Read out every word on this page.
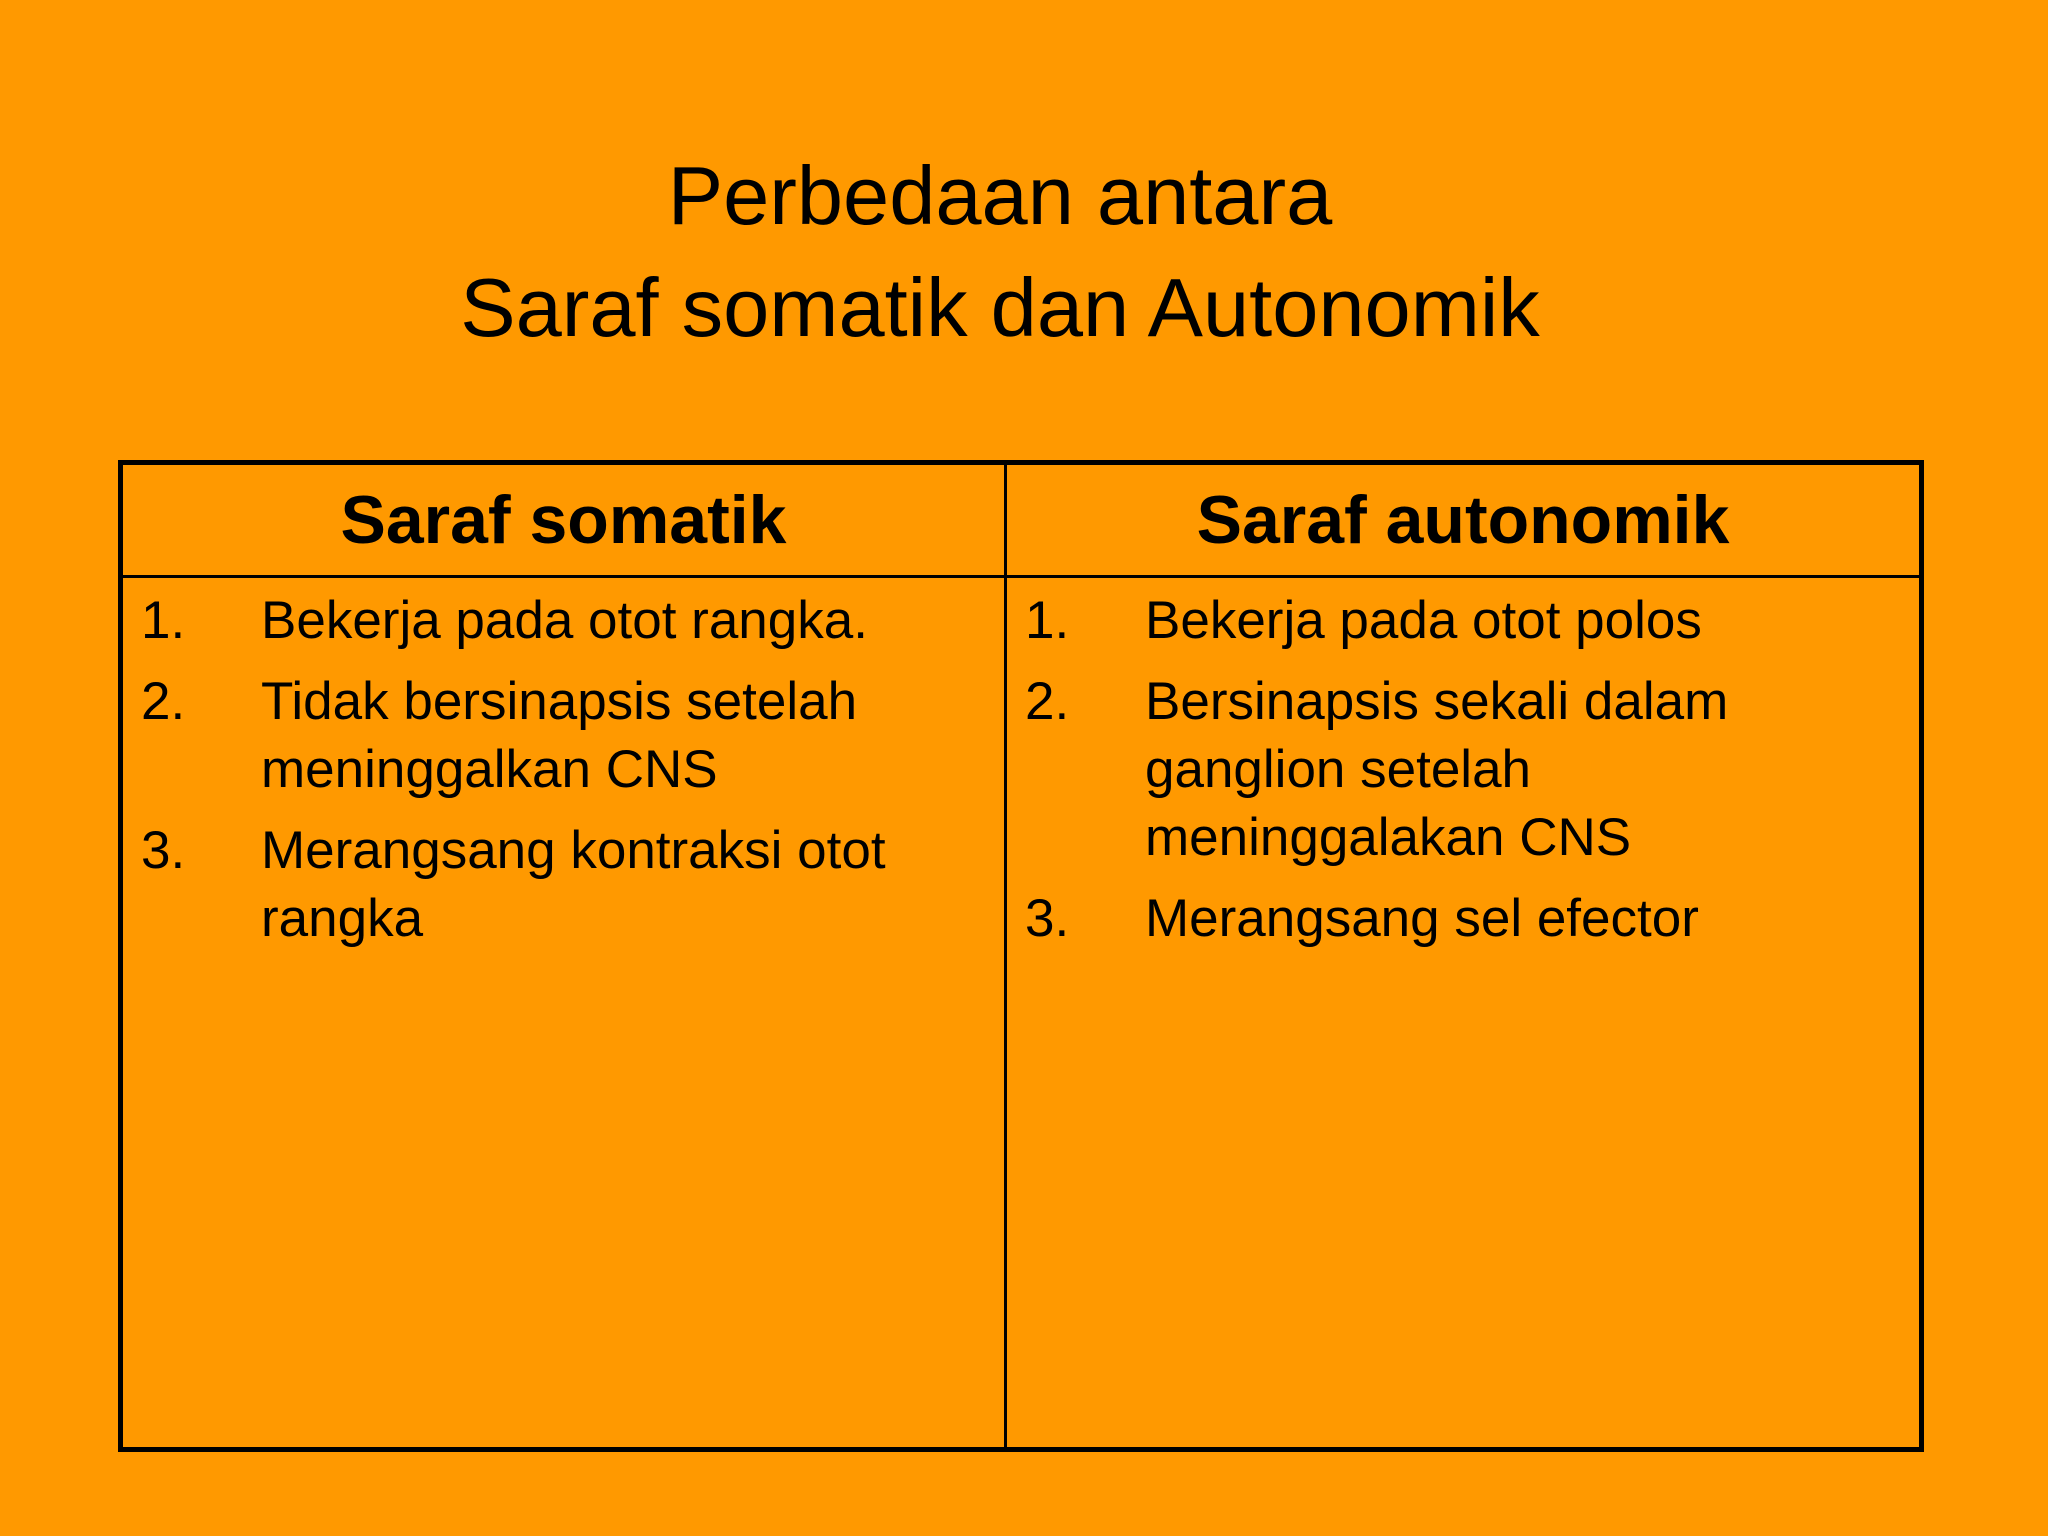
Perbedaan antara
Saraf somatik dan Autonomik
Saraf somatik	Saraf autonomik
1.	Bekerja pada otot rangka.
2.	Tidak bersinapsis setelah meninggalkan CNS
3.	Merangsang kontraksi otot rangka
1.	Bekerja pada otot polos
2.	Bersinapsis sekali dalam ganglion setelah meninggalakan CNS
3.	Merangsang sel efector
